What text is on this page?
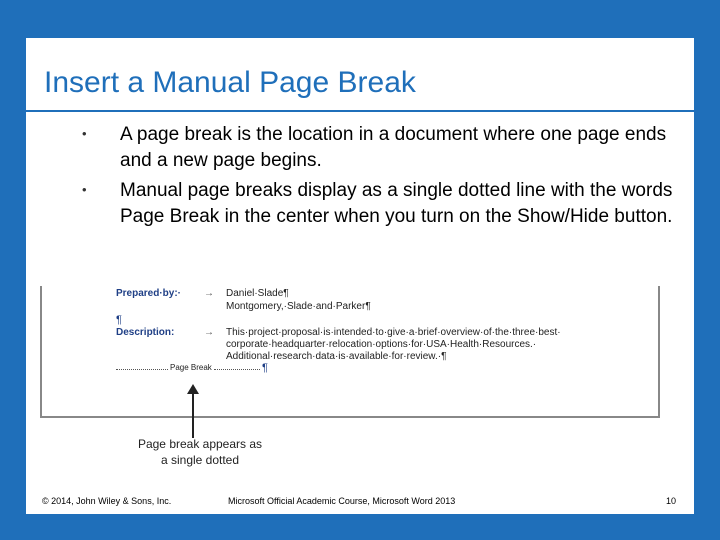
Insert a Manual Page Break
• A page break is the location in a document where one page ends and a new page begins.
• Manual page breaks display as a single dotted line with the words Page Break in the center when you turn on the Show/Hide button.
Prepared·by:· → Daniel·Slade¶
Montgomery,·Slade·and·Parker¶
¶
Description:	→ This·project·proposal·is·intended·to·give·a·brief·overview·of·the·three·best·
corporate·headquarter·relocation·options·for·USA·Health·Resources.·
Additional·research·data·is·available·for·review.·¶
Page Break	¶
Page break appears as
a single dotted
© 2014, John Wiley & Sons, Inc.	Microsoft Official Academic Course, Microsoft Word 2013	10
